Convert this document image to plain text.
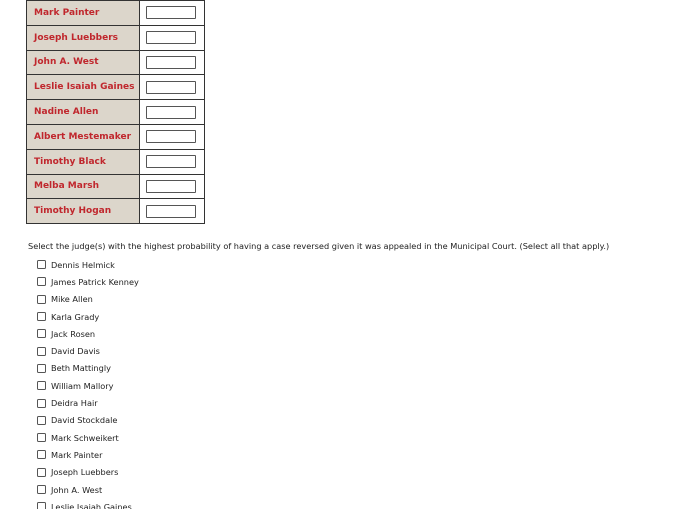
Mark Painter	

Joseph Luebbers	

John A. West	

Leslie Isaiah Gaines	

Nadine Allen	

Albert Mestemaker	

Timothy Black	

Melba Marsh	

Timothy Hogan	
Select the judge(s) with the highest probability of having a case reversed given it was appealed in the Municipal Court. (Select all that apply.)
Dennis Helmick
James Patrick Kenney
Mike Allen
Karla Grady
Jack Rosen
David Davis
Beth Mattingly
William Mallory
Deidra Hair
David Stockdale
Mark Schweikert
Mark Painter
Joseph Luebbers
John A. West
Leslie Isaiah Gaines
